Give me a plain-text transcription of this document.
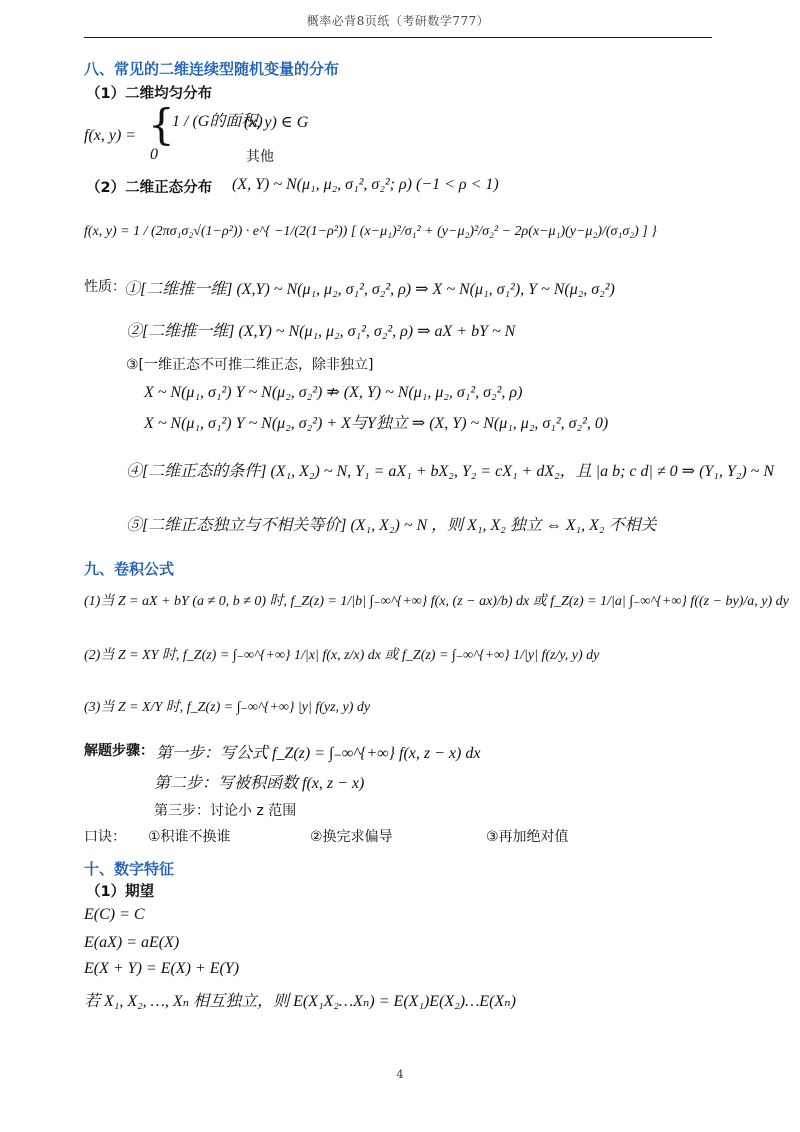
概率必背8页纸（考研数学777）
八、常见的二维连续型随机变量的分布
（1）二维均匀分布
f(x, y) = {
1 / (G的面积)
(x, y) ∈ G
0	其他
（2）二维正态分布 (X, Y) ~ N(μ₁, μ₂, σ₁², σ₂²; ρ) (−1 < ρ < 1)
f(x, y) = 1 / (2πσ₁σ₂√(1−ρ²)) · e^{ −1/(2(1−ρ²)) [ (x−μ₁)²/σ₁² + (y−μ₂)²/σ₂² − 2ρ(x−μ₁)(y−μ₂)/(σ₁σ₂) ] }
性质：
①[二维推一维] (X,Y) ~ N(μ₁, μ₂, σ₁², σ₂², ρ) ⇒ X ~ N(μ₁, σ₁²), Y ~ N(μ₂, σ₂²)
②[二维推一维] (X,Y) ~ N(μ₁, μ₂, σ₁², σ₂², ρ) ⇒ aX + bY ~ N
③[一维正态不可推二维正态，除非独立]
X ~ N(μ₁, σ₁²) Y ~ N(μ₂, σ₂²) ⇏ (X, Y) ~ N(μ₁, μ₂, σ₁², σ₂², ρ)
X ~ N(μ₁, σ₁²) Y ~ N(μ₂, σ₂²) + X与Y独立 ⇒ (X, Y) ~ N(μ₁, μ₂, σ₁², σ₂², 0)
④[二维正态的条件] (X₁, X₂) ~ N, Y₁ = aX₁ + bX₂, Y₂ = cX₁ + dX₂，且 |a b; c d| ≠ 0 ⇒ (Y₁, Y₂) ~ N
⑤[二维正态独立与不相关等价] (X₁, X₂) ~ N ，则 X₁, X₂ 独立 ⇔ X₁, X₂ 不相关
九、卷积公式
(1)当 Z = aX + bY (a ≠ 0, b ≠ 0) 时, f_Z(z) = 1/|b| ∫₋∞^{+∞} f(x, (z − ax)/b) dx 或 f_Z(z) = 1/|a| ∫₋∞^{+∞} f((z − by)/a, y) dy
(2)当 Z = XY 时, f_Z(z) = ∫₋∞^{+∞} 1/|x| f(x, z/x) dx 或 f_Z(z) = ∫₋∞^{+∞} 1/|y| f(z/y, y) dy
(3)当 Z = X/Y 时, f_Z(z) = ∫₋∞^{+∞} |y| f(yz, y) dy
解题步骤： 第一步：写公式 f_Z(z) = ∫₋∞^{+∞} f(x, z − x) dx
第二步：写被积函数 f(x, z − x)
第三步：讨论小 z 范围
口诀： ①积谁不换谁	②换完求偏导	③再加绝对值
十、数字特征
（1）期望
E(C) = C
E(aX) = aE(X)
E(X + Y) = E(X) + E(Y)
若 X₁, X₂, …, Xₙ 相互独立，则 E(X₁X₂…Xₙ) = E(X₁)E(X₂)…E(Xₙ)
4
